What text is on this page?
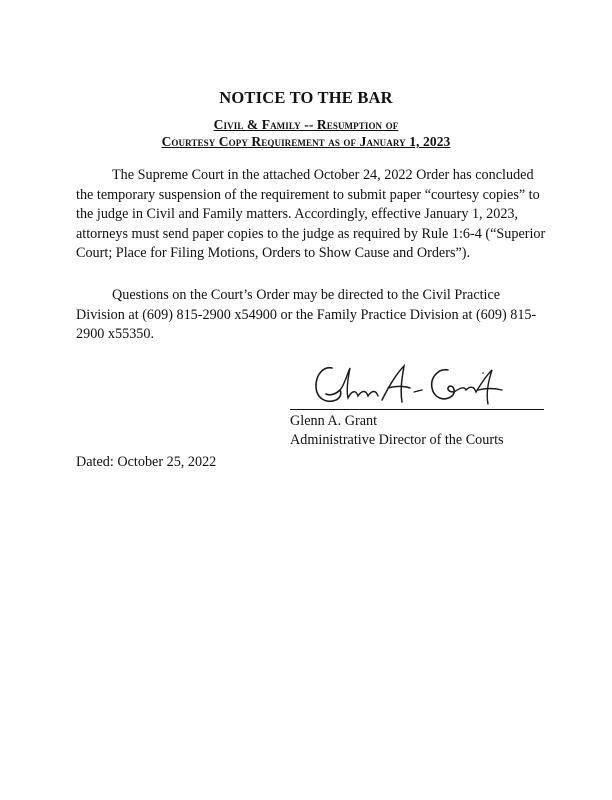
NOTICE TO THE BAR
Civil & Family -- Resumption of
Courtesy Copy Requirement as of January 1, 2023

The Supreme Court in the attached October 24, 2022 Order has concluded the temporary suspension of the requirement to submit paper “courtesy copies” to the judge in Civil and Family matters. Accordingly, effective January 1, 2023, attorneys must send paper copies to the judge as required by Rule 1:6-4 (“Superior Court; Place for Filing Motions, Orders to Show Cause and Orders”).

Questions on the Court’s Order may be directed to the Civil Practice Division at (609) 815-2900 x54900 or the Family Practice Division at (609) 815-2900 x55350.

Glenn A. Grant
Administrative Director of the Courts
Dated: October 25, 2022
